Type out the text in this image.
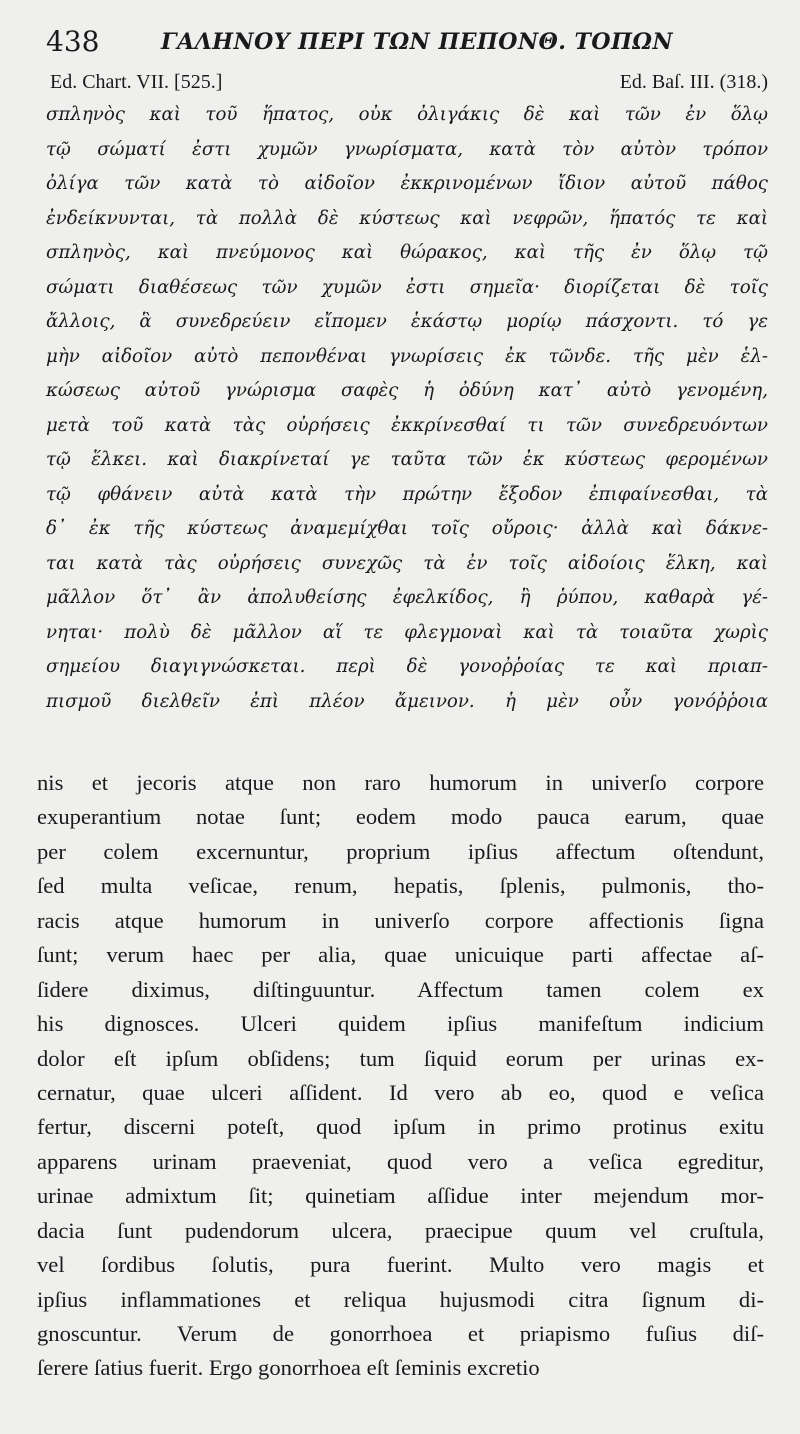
438	ΓΑΛΗΝΟΥ ΠΕΡΙ ΤΩΝ ΠΕΠΟΝΘ. ΤΟΠΩΝ
Ed. Chart. VII. [525.]	Ed. Baſ. III. (318.)
σπληνὸς καὶ τοῦ ἥπατος, οὐκ ὀλιγάκις δὲ καὶ τῶν ἐν ὅλῳ
τῷ σώματί ἐστι χυμῶν γνωρίσματα, κατὰ τὸν αὐτὸν τρόπον
ὀλίγα τῶν κατὰ τὸ αἰδοῖον ἐκκρινομένων ἴδιον αὐτοῦ πάθος
ἐνδείκνυνται, τὰ πολλὰ δὲ κύστεως καὶ νεφρῶν, ἥπατός τε καὶ
σπληνὸς, καὶ πνεύμονος καὶ θώρακος, καὶ τῆς ἐν ὅλῳ τῷ
σώματι διαθέσεως τῶν χυμῶν ἐστι σημεῖα· διορίζεται δὲ τοῖς
ἄλλοις, ἃ συνεδρεύειν εἴπομεν ἑκάστῳ μορίῳ πάσχοντι. τό γε
μὴν αἰδοῖον αὐτὸ πεπονθέναι γνωρίσεις ἐκ τῶνδε. τῆς μὲν ἑλ-
κώσεως αὐτοῦ γνώρισμα σαφὲς ἡ ὀδύνη κατ᾽ αὐτὸ γενομένη,
μετὰ τοῦ κατὰ τὰς οὐρήσεις ἐκκρίνεσθαί τι τῶν συνεδρευόντων
τῷ ἕλκει. καὶ διακρίνεταί γε ταῦτα τῶν ἐκ κύστεως φερομένων
τῷ φθάνειν αὐτὰ κατὰ τὴν πρώτην ἔξοδον ἐπιφαίνεσθαι, τὰ
δ᾽ ἐκ τῆς κύστεως ἀναμεμίχθαι τοῖς οὔροις· ἀλλὰ καὶ δάκνε-
ται κατὰ τὰς οὐρήσεις συνεχῶς τὰ ἐν τοῖς αἰδοίοις ἕλκη, καὶ
μᾶλλον ὅτ᾽ ἂν ἀπολυθείσης ἐφελκίδος, ἢ ῥύπου, καθαρὰ γέ-
νηται· πολὺ δὲ μᾶλλον αἵ τε φλεγμοναὶ καὶ τὰ τοιαῦτα χωρὶς
σημείου διαγιγνώσκεται. περὶ δὲ γονοῤῥοίας τε καὶ πριαπ-
πισμοῦ διελθεῖν ἐπὶ πλέον ἄμεινον. ἡ μὲν οὖν γονόῤῥοια
nis et jecoris atque non raro humorum in univerſo corpore
exuperantium notae ſunt; eodem modo pauca earum, quae
per colem excernuntur, proprium ipſius affectum oſtendunt,
ſed multa veſicae, renum, hepatis, ſplenis, pulmonis, tho-
racis atque humorum in univerſo corpore affectionis ſigna
ſunt; verum haec per alia, quae unicuique parti affectae aſ-
ſidere diximus, diſtinguuntur. Affectum tamen colem ex
his dignosces. Ulceri quidem ipſius manifeſtum indicium
dolor eſt ipſum obſidens; tum ſiquid eorum per urinas ex-
cernatur, quae ulceri aſſident. Id vero ab eo, quod e veſica
fertur, discerni poteſt, quod ipſum in primo protinus exitu
apparens urinam praeveniat, quod vero a veſica egreditur,
urinae admixtum ſit; quinetiam aſſidue inter mejendum mor-
dacia ſunt pudendorum ulcera, praecipue quum vel cruſtula,
vel ſordibus ſolutis, pura fuerint. Multo vero magis et
ipſius inflammationes et reliqua hujusmodi citra ſignum di-
gnoscuntur. Verum de gonorrhoea et priapismo fuſius diſ-
ſerere ſatius fuerit. Ergo gonorrhoea eſt ſeminis excretio
